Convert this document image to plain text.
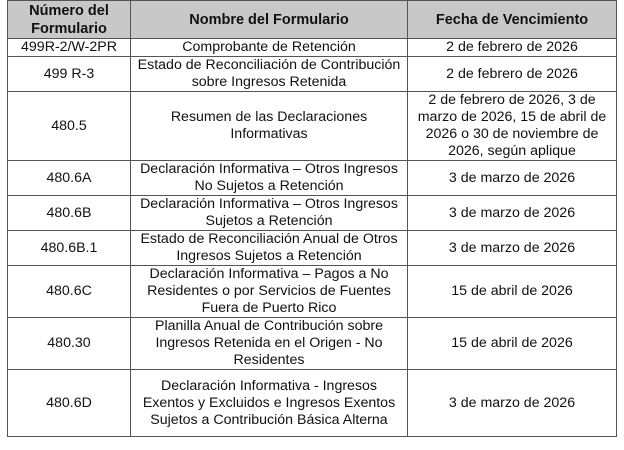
Número del Formulario	Nombre del Formulario	Fecha de Vencimiento
499R-2/W-2PR	Comprobante de Retención	2 de febrero de 2026
499 R-3	Estado de Reconciliación de Contribución sobre Ingresos Retenida	2 de febrero de 2026
480.5	Resumen de las Declaraciones Informativas	2 de febrero de 2026, 3 de marzo de 2026, 15 de abril de 2026 o 30 de noviembre de 2026, según aplique
480.6A	Declaración Informativa – Otros Ingresos No Sujetos a Retención	3 de marzo de 2026
480.6B	Declaración Informativa – Otros Ingresos Sujetos a Retención	3 de marzo de 2026
480.6B.1	Estado de Reconciliación Anual de Otros Ingresos Sujetos a Retención	3 de marzo de 2026
480.6C	Declaración Informativa – Pagos a No Residentes o por Servicios de Fuentes Fuera de Puerto Rico	15 de abril de 2026
480.30	Planilla Anual de Contribución sobre Ingresos Retenida en el Origen - No Residentes	15 de abril de 2026
480.6D	Declaración Informativa - Ingresos Exentos y Excluidos e Ingresos Exentos Sujetos a Contribución Básica Alterna	3 de marzo de 2026
